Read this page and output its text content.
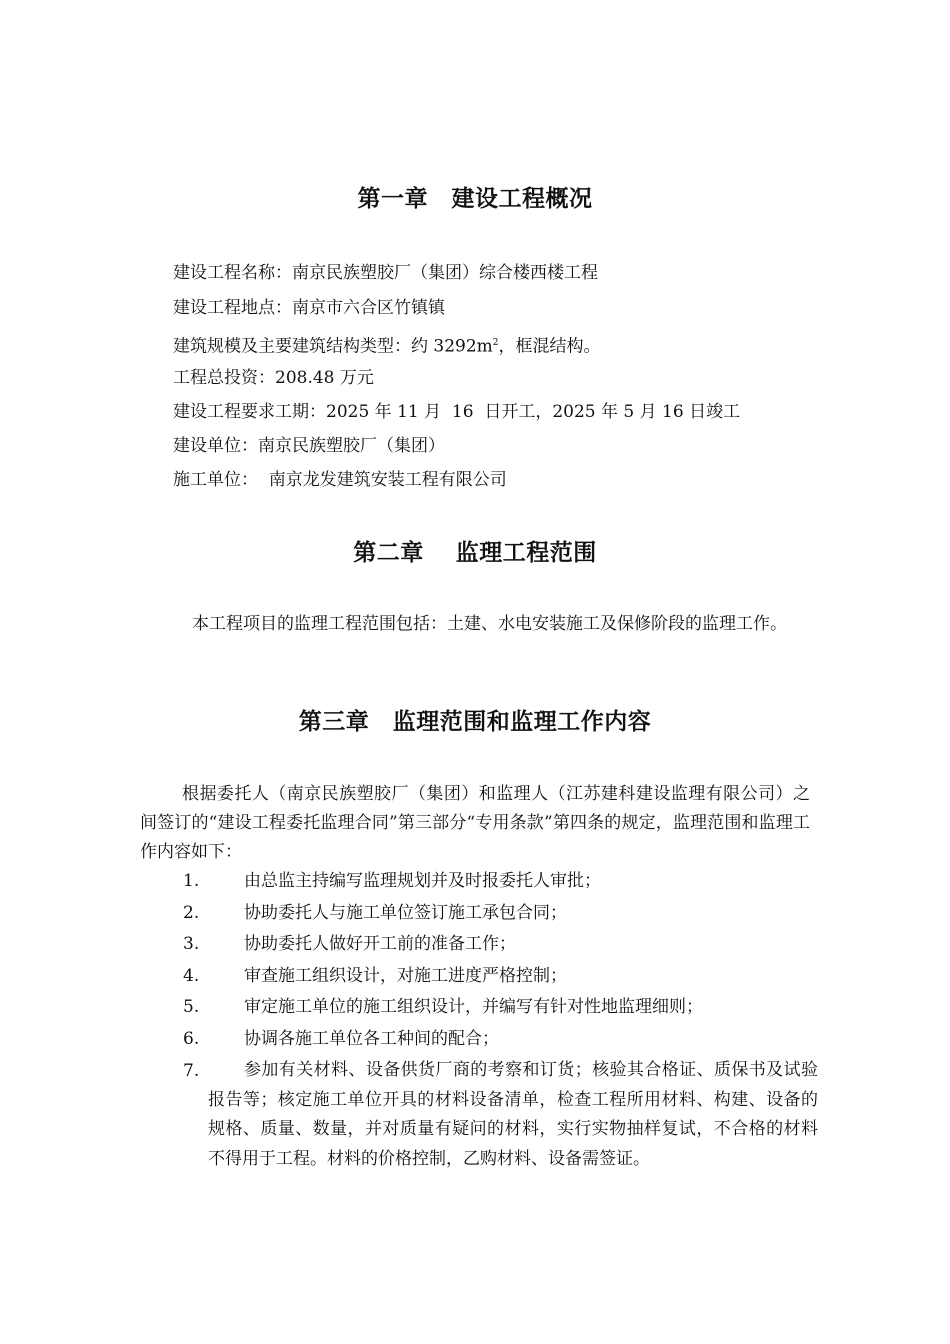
第一章　建设工程概况
建设工程名称：南京民族塑胶厂（集团）综合楼西楼工程
建设工程地点：南京市六合区竹镇镇
建筑规模及主要建筑结构类型：约 $3292m^2$，框混结构。
工程总投资：208.48 万元
建设工程要求工期：2025 年 11 月  16  日开工，2025 年 5 月 16 日竣工
建设单位：南京民族塑胶厂（集团）
施工单位：  南京龙发建筑安装工程有限公司
第二章　 监理工程范围
本工程项目的监理工程范围包括：土建、水电安装施工及保修阶段的监理工作。
第三章　监理范围和监理工作内容
根据委托人（南京民族塑胶厂（集团）和监理人（江苏建科建设监理有限公司）之间签订的“建设工程委托监理合同”第三部分“专用条款”第四条的规定，监理范围和监理工作内容如下：
1.	由总监主持编写监理规划并及时报委托人审批；
2.	协助委托人与施工单位签订施工承包合同；
3.	协助委托人做好开工前的准备工作；
4.	审查施工组织设计，对施工进度严格控制；
5.	审定施工单位的施工组织设计，并编写有针对性地监理细则；
6.	协调各施工单位各工种间的配合；
7.	参加有关材料、设备供货厂商的考察和订货；核验其合格证、质保书及试验报告等；核定施工单位开具的材料设备清单，检查工程所用材料、构建、设备的规格、质量、数量，并对质量有疑问的材料，实行实物抽样复试，不合格的材料不得用于工程。材料的价格控制，乙购材料、设备需签证。
